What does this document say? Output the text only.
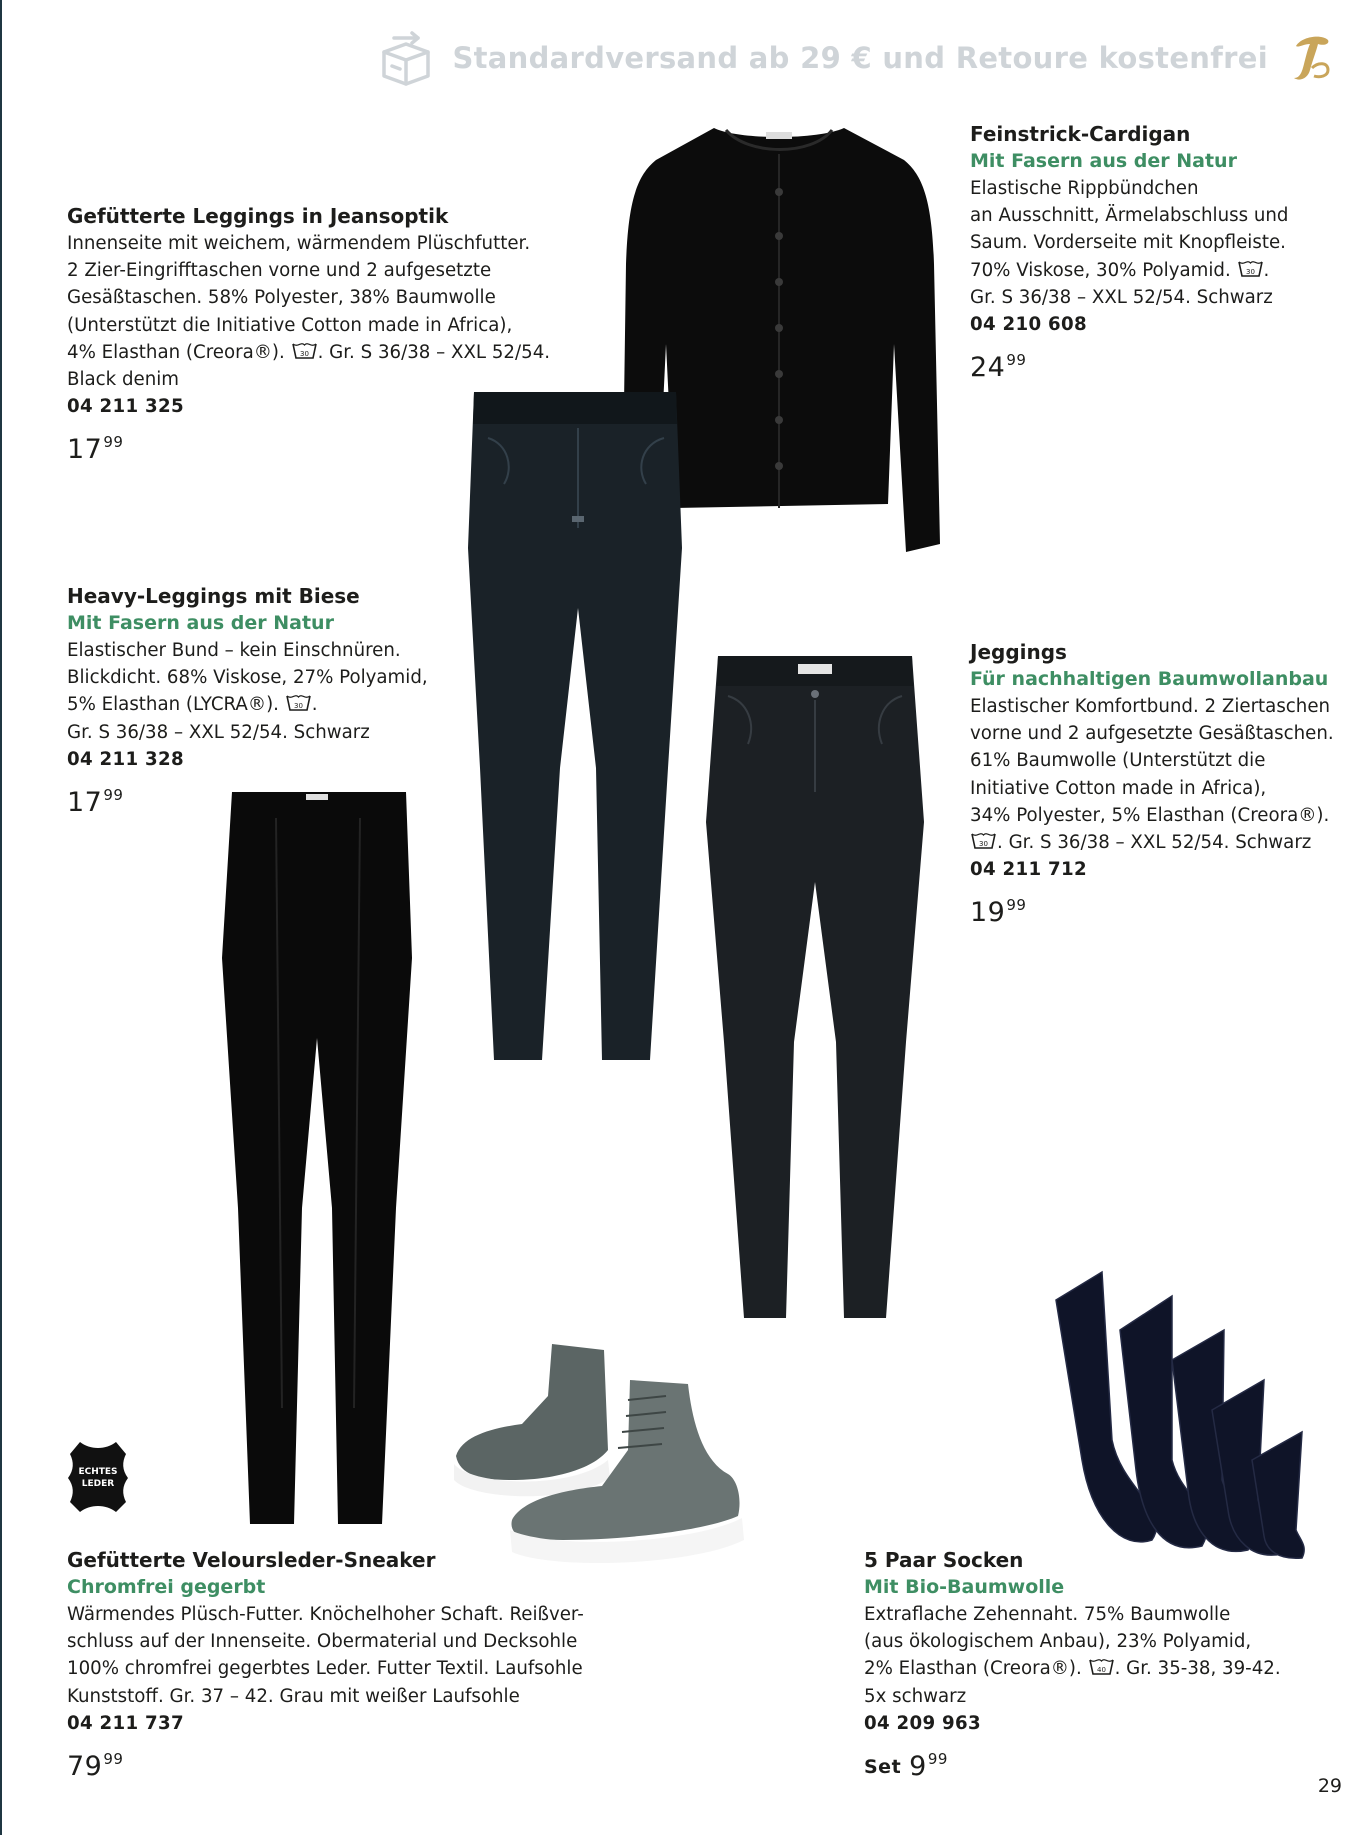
Standardversand ab 29 € und Retoure kostenfrei
Gefütterte Leggings in Jeansoptik
Innenseite mit weichem, wärmendem Plüschfutter.
2 Zier-Eingrifftaschen vorne und 2 aufgesetzte
Gesäßtaschen. 58% Polyester, 38% Baumwolle
(Unterstützt die Initiative Cotton made in Africa),
4% Elasthan (Creora®). 30 . Gr. S 36/38 – XXL 52/54.
Black denim
04 211 325
$17^{99}$
Feinstrick-Cardigan
Mit Fasern aus der Natur
Elastische Rippbündchen
an Ausschnitt, Ärmelabschluss und
Saum. Vorderseite mit Knopfleiste.
70% Viskose, 30% Polyamid. 30 .
Gr. S 36/38 – XXL 52/54. Schwarz
04 210 608
$24^{99}$
Heavy-Leggings mit Biese
Mit Fasern aus der Natur
Elastischer Bund – kein Einschnüren.
Blickdicht. 68% Viskose, 27% Polyamid,
5% Elasthan (LYCRA®). 30 .
Gr. S 36/38 – XXL 52/54. Schwarz
04 211 328
$17^{99}$
Jeggings
Für nachhaltigen Baumwollanbau
Elastischer Komfortbund. 2 Ziertaschen
vorne und 2 aufgesetzte Gesäßtaschen.
61% Baumwolle (Unterstützt die
Initiative Cotton made in Africa),
34% Polyester, 5% Elasthan (Creora®).
30 . Gr. S 36/38 – XXL 52/54. Schwarz
04 211 712
$19^{99}$
Gefütterte Veloursleder-Sneaker
Chromfrei gegerbt
Wärmendes Plüsch-Futter. Knöchelhoher Schaft. Reißver-
schluss auf der Innenseite. Obermaterial und Decksohle
100% chromfrei gegerbtes Leder. Futter Textil. Laufsohle
Kunststoff. Gr. 37 – 42. Grau mit weißer Laufsohle
04 211 737
$79^{99}$
5 Paar Socken
Mit Bio-Baumwolle
Extraflache Zehennaht. 75% Baumwolle
(aus ökologischem Anbau), 23% Polyamid,
2% Elasthan (Creora®). 40 . Gr. 35-38, 39-42.
5x schwarz
04 209 963
Set $9^{99}$
ECHTES
LEDER
29
